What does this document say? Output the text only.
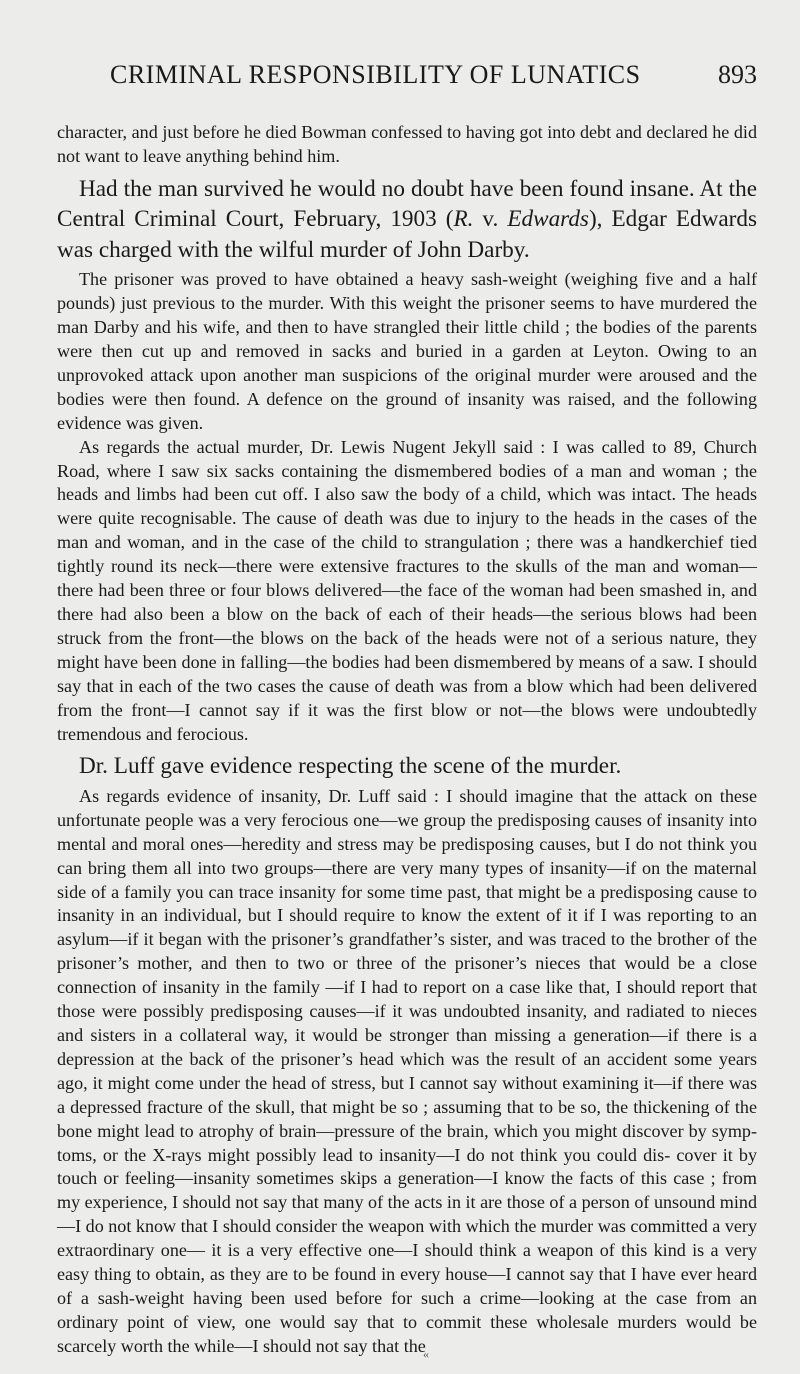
CRIMINAL RESPONSIBILITY OF LUNATICS	893

character, and just before he died Bowman confessed to having got into debt and declared he did not want to leave anything behind him.

Had the man survived he would no doubt have been found insane. At the Central Criminal Court, February, 1903 (R. v. Edwards), Edgar Edwards was charged with the wilful murder of John Darby.

The prisoner was proved to have obtained a heavy sash-weight (weighing five and a half pounds) just previous to the murder. With this weight the prisoner seems to have murdered the man Darby and his wife, and then to have strangled their little child ; the bodies of the parents were then cut up and removed in sacks and buried in a garden at Leyton. Owing to an unprovoked attack upon another man suspicions of the original murder were aroused and the bodies were then found. A defence on the ground of insanity was raised, and the following evidence was given.

As regards the actual murder, Dr. Lewis Nugent Jekyll said : I was called to 89, Church Road, where I saw six sacks containing the dismembered bodies of a man and woman ; the heads and limbs had been cut off. I also saw the body of a child, which was intact. The heads were quite recognisable. The cause of death was due to injury to the heads in the cases of the man and woman, and in the case of the child to strangulation ; there was a handkerchief tied tightly round its neck—there were extensive fractures to the skulls of the man and woman—there had been three or four blows delivered—the face of the woman had been smashed in, and there had also been a blow on the back of each of their heads—the serious blows had been struck from the front—the blows on the back of the heads were not of a serious nature, they might have been done in falling—the bodies had been dismembered by means of a saw. I should say that in each of the two cases the cause of death was from a blow which had been delivered from the front—I cannot say if it was the first blow or not—the blows were undoubtedly tremendous and ferocious.

Dr. Luff gave evidence respecting the scene of the murder.

As regards evidence of insanity, Dr. Luff said : I should imagine that the attack on these unfortunate people was a very ferocious one—we group the predisposing causes of insanity into mental and moral ones—heredity and stress may be predisposing causes, but I do not think you can bring them all into two groups—there are very many types of insanity—if on the maternal side of a family you can trace insanity for some time past, that might be a predisposing cause to insanity in an individual, but I should require to know the extent of it if I was reporting to an asylum—if it began with the prisoner’s grandfather’s sister, and was traced to the brother of the prisoner’s mother, and then to two or three of the prisoner’s nieces that would be a close connection of insanity in the family —if I had to report on a case like that, I should report that those were possibly predisposing causes—if it was undoubted insanity, and radiated to nieces and sisters in a collateral way, it would be stronger than missing a generation—if there is a depression at the back of the prisoner’s head which was the result of an accident some years ago, it might come under the head of stress, but I cannot say without examining it—if there was a depressed fracture of the skull, that might be so ; assuming that to be so, the thickening of the bone might lead to atrophy of brain—pressure of the brain, which you might discover by symp- toms, or the X-rays might possibly lead to insanity—I do not think you could dis- cover it by touch or feeling—insanity sometimes skips a generation—I know the facts of this case ; from my experience, I should not say that many of the acts in it are those of a person of unsound mind—I do not know that I should consider the weapon with which the murder was committed a very extraordinary one— it is a very effective one—I should think a weapon of this kind is a very easy thing to obtain, as they are to be found in every house—I cannot say that I have ever heard of a sash-weight having been used before for such a crime—looking at the case from an ordinary point of view, one would say that to commit these wholesale murders would be scarcely worth the while—I should not say that the

«
